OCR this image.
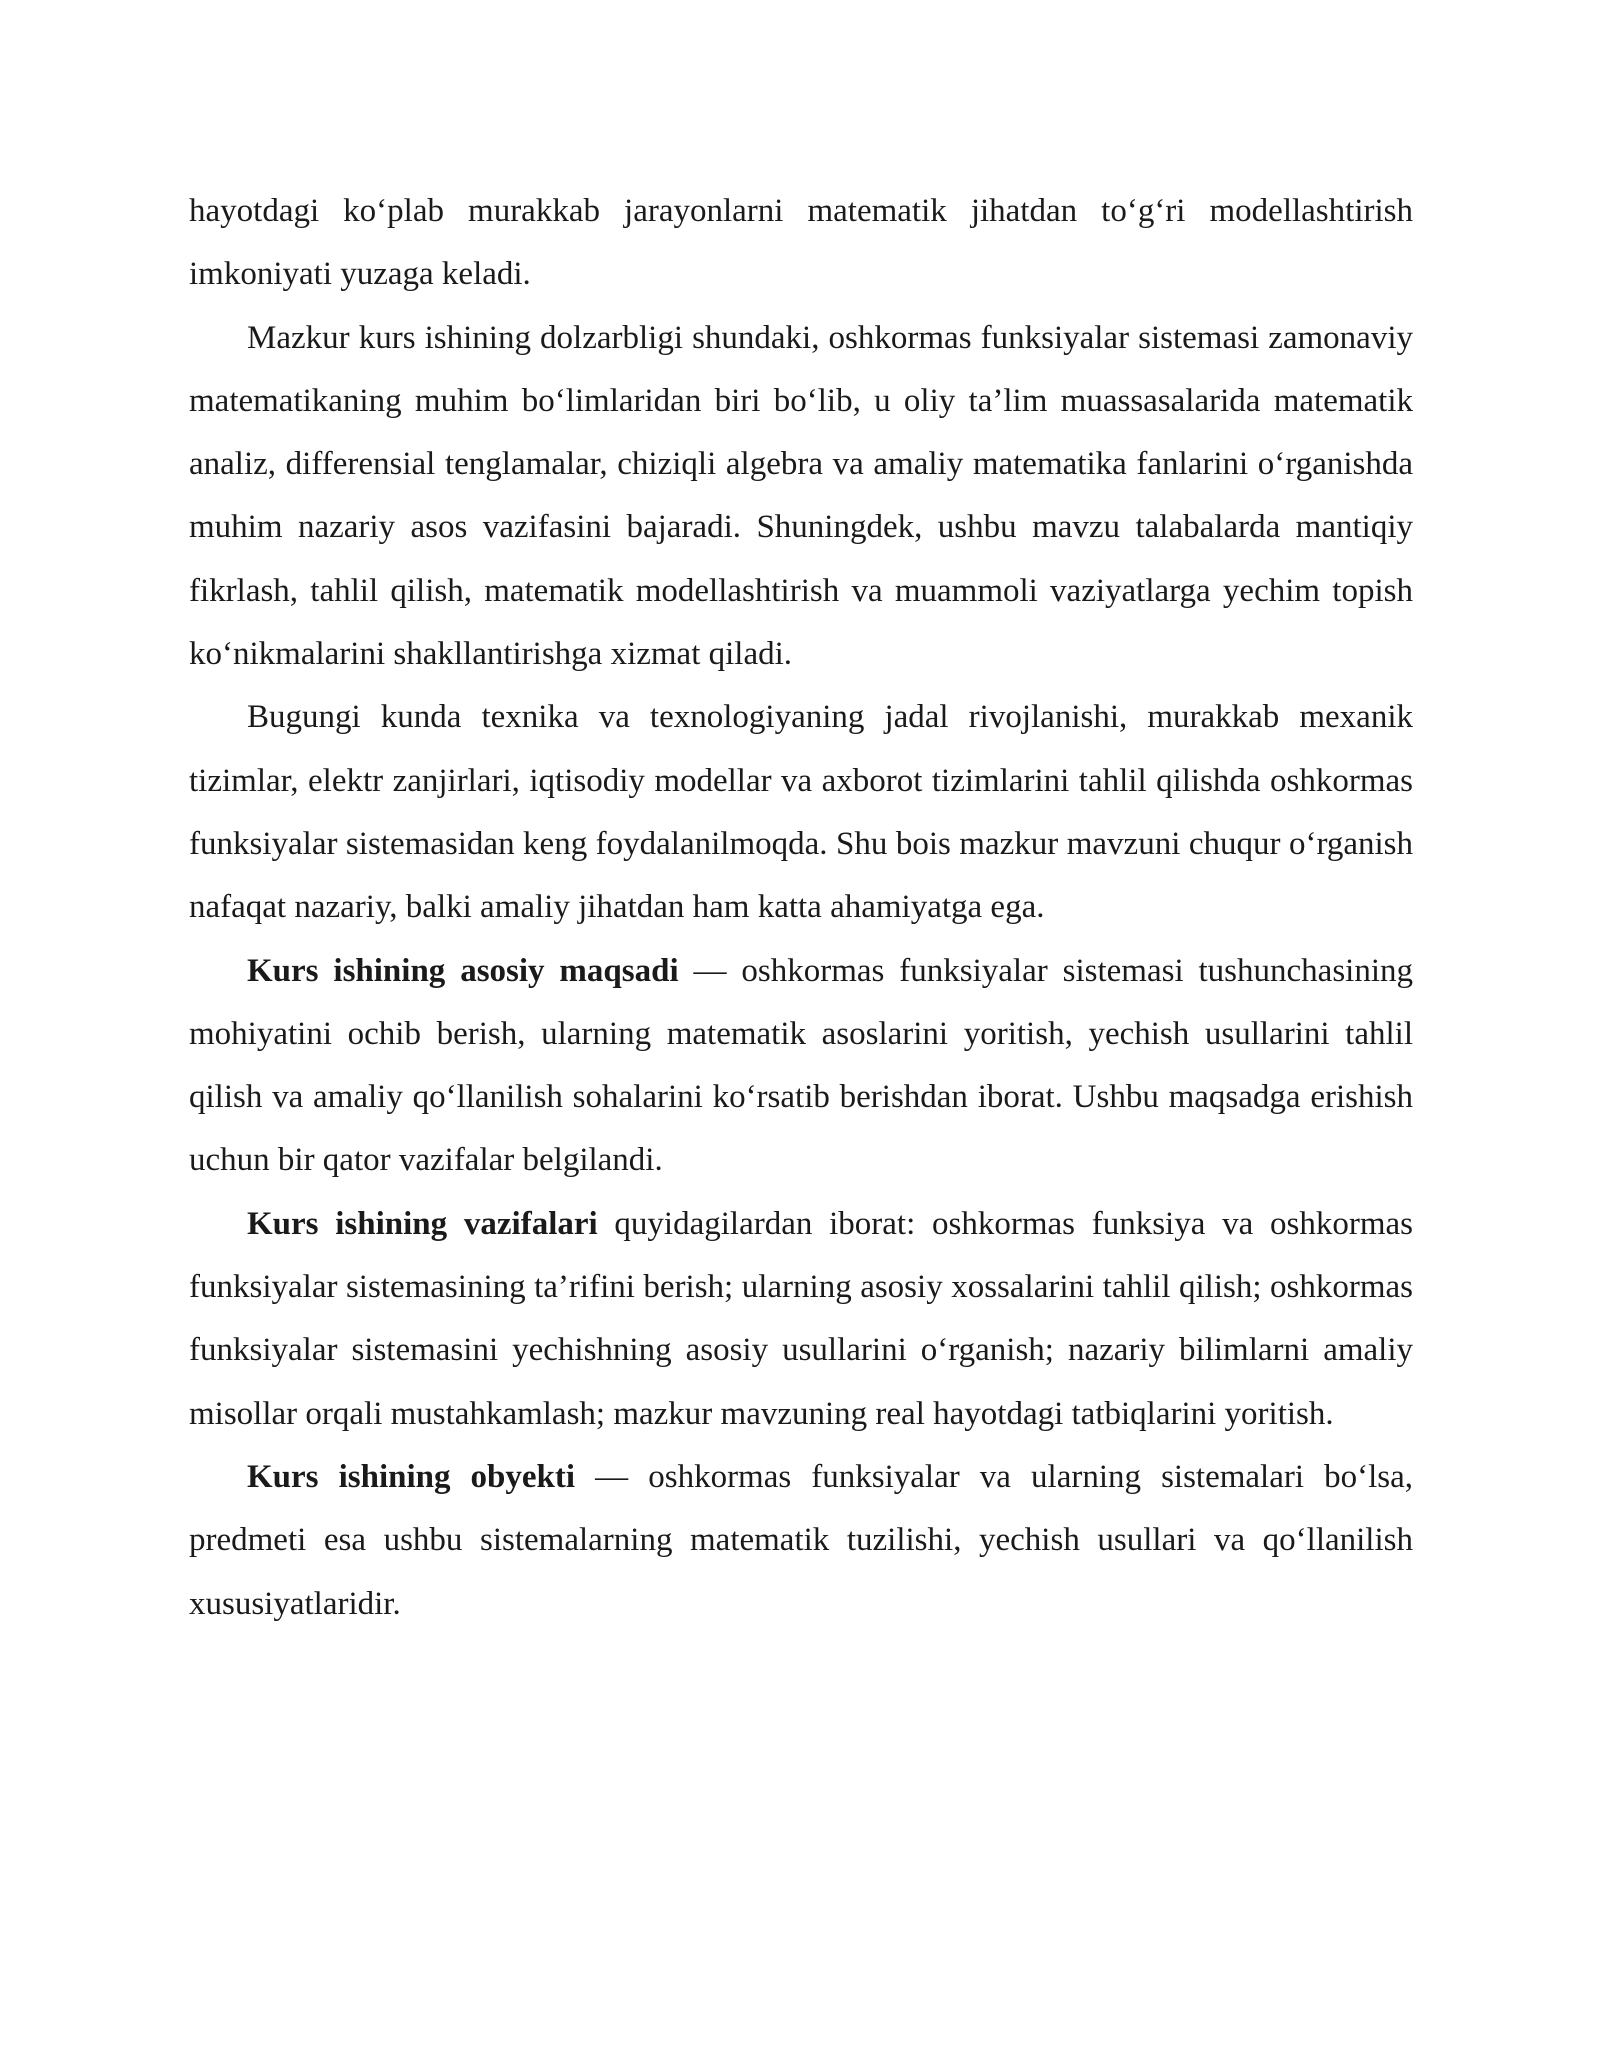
hayotdagi ko‘plab murakkab jarayonlarni matematik jihatdan to‘g‘ri modellashtirish imkoniyati yuzaga keladi.

Mazkur kurs ishining dolzarbligi shundaki, oshkormas funksiyalar sistemasi zamonaviy matematikaning muhim bo‘limlaridan biri bo‘lib, u oliy ta’lim muassasalarida matematik analiz, differensial tenglamalar, chiziqli algebra va amaliy matematika fanlarini o‘rganishda muhim nazariy asos vazifasini bajaradi. Shuningdek, ushbu mavzu talabalarda mantiqiy fikrlash, tahlil qilish, matematik modellashtirish va muammoli vaziyatlarga yechim topish ko‘nikmalarini shakllantirishga xizmat qiladi.

Bugungi kunda texnika va texnologiyaning jadal rivojlanishi, murakkab mexanik tizimlar, elektr zanjirlari, iqtisodiy modellar va axborot tizimlarini tahlil qilishda oshkormas funksiyalar sistemasidan keng foydalanilmoqda. Shu bois mazkur mavzuni chuqur o‘rganish nafaqat nazariy, balki amaliy jihatdan ham katta ahamiyatga ega.

Kurs ishining asosiy maqsadi — oshkormas funksiyalar sistemasi tushunchasining mohiyatini ochib berish, ularning matematik asoslarini yoritish, yechish usullarini tahlil qilish va amaliy qo‘llanilish sohalarini ko‘rsatib berishdan iborat. Ushbu maqsadga erishish uchun bir qator vazifalar belgilandi.

Kurs ishining vazifalari quyidagilardan iborat: oshkormas funksiya va oshkormas funksiyalar sistemasining ta’rifini berish; ularning asosiy xossalarini tahlil qilish; oshkormas funksiyalar sistemasini yechishning asosiy usullarini o‘rganish; nazariy bilimlarni amaliy misollar orqali mustahkamlash; mazkur mavzuning real hayotdagi tatbiqlarini yoritish.

Kurs ishining obyekti — oshkormas funksiyalar va ularning sistemalari bo‘lsa, predmeti esa ushbu sistemalarning matematik tuzilishi, yechish usullari va qo‘llanilish xususiyatlaridir.
